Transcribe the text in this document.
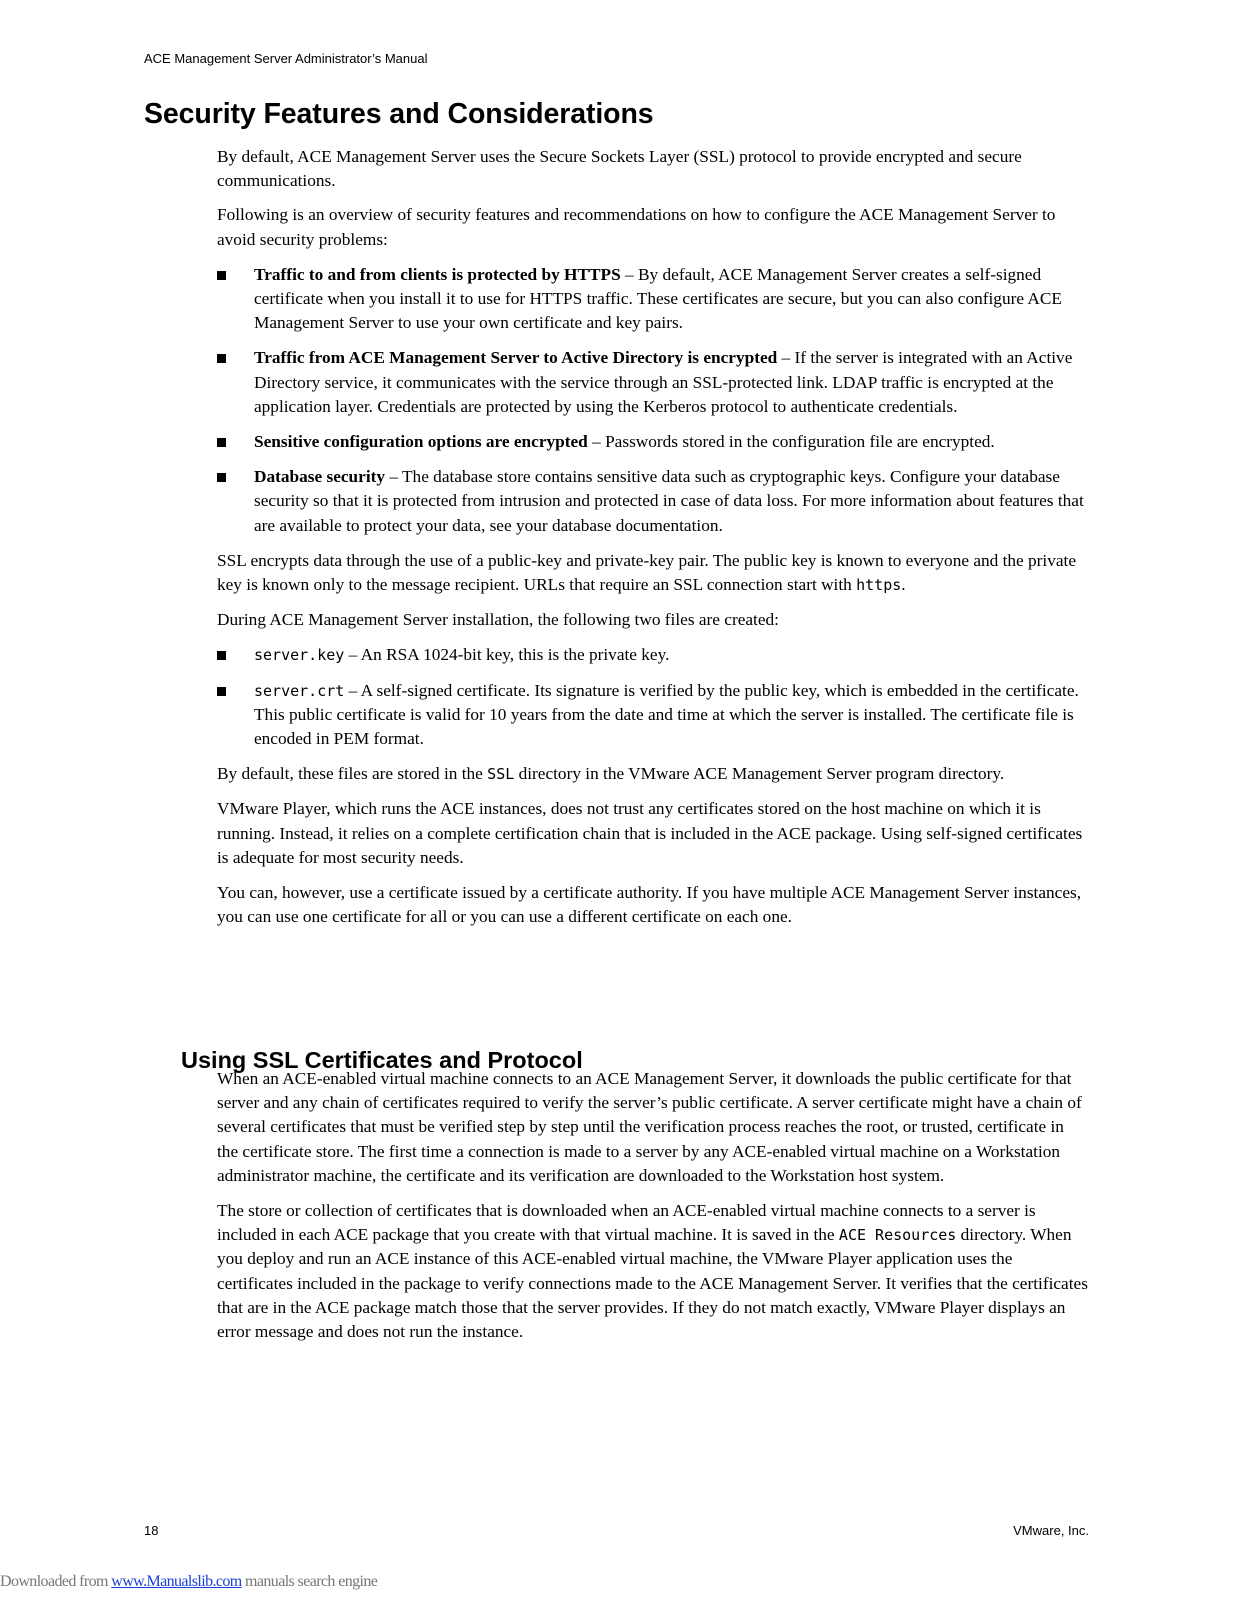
ACE Management Server Administrator’s Manual
Security Features and Considerations

By default, ACE Management Server uses the Secure Sockets Layer (SSL) protocol to provide encrypted and secure communications.

Following is an overview of security features and recommendations on how to configure the ACE Management Server to avoid security problems:

Traffic to and from clients is protected by HTTPS – By default, ACE Management Server creates a self-signed certificate when you install it to use for HTTPS traffic. These certificates are secure, but you can also configure ACE Management Server to use your own certificate and key pairs.
Traffic from ACE Management Server to Active Directory is encrypted – If the server is integrated with an Active Directory service, it communicates with the service through an SSL-protected link. LDAP traffic is encrypted at the application layer. Credentials are protected by using the Kerberos protocol to authenticate credentials.
Sensitive configuration options are encrypted – Passwords stored in the configuration file are encrypted.
Database security – The database store contains sensitive data such as cryptographic keys. Configure your database security so that it is protected from intrusion and protected in case of data loss. For more information about features that are available to protect your data, see your database documentation.

SSL encrypts data through the use of a public-key and private-key pair. The public key is known to everyone and the private key is known only to the message recipient. URLs that require an SSL connection start with https.

During ACE Management Server installation, the following two files are created:

server.key – An RSA 1024-bit key, this is the private key.
server.crt – A self-signed certificate. Its signature is verified by the public key, which is embedded in the certificate. This public certificate is valid for 10 years from the date and time at which the server is installed. The certificate file is encoded in PEM format.

By default, these files are stored in the SSL directory in the VMware ACE Management Server program directory.

VMware Player, which runs the ACE instances, does not trust any certificates stored on the host machine on which it is running. Instead, it relies on a complete certification chain that is included in the ACE package. Using self-signed certificates is adequate for most security needs.

You can, however, use a certificate issued by a certificate authority. If you have multiple ACE Management Server instances, you can use one certificate for all or you can use a different certificate on each one.

Using SSL Certificates and Protocol

When an ACE-enabled virtual machine connects to an ACE Management Server, it downloads the public certificate for that server and any chain of certificates required to verify the server’s public certificate. A server certificate might have a chain of several certificates that must be verified step by step until the verification process reaches the root, or trusted, certificate in the certificate store. The first time a connection is made to a server by any ACE-enabled virtual machine on a Workstation administrator machine, the certificate and its verification are downloaded to the Workstation host system.

The store or collection of certificates that is downloaded when an ACE-enabled virtual machine connects to a server is included in each ACE package that you create with that virtual machine. It is saved in the ACE Resources directory. When you deploy and run an ACE instance of this ACE-enabled virtual machine, the VMware Player application uses the certificates included in the package to verify connections made to the ACE Management Server. It verifies that the certificates that are in the ACE package match those that the server provides. If they do not match exactly, VMware Player displays an error message and does not run the instance.

18	VMware, Inc.
Downloaded from www.Manualslib.com manuals search engine
